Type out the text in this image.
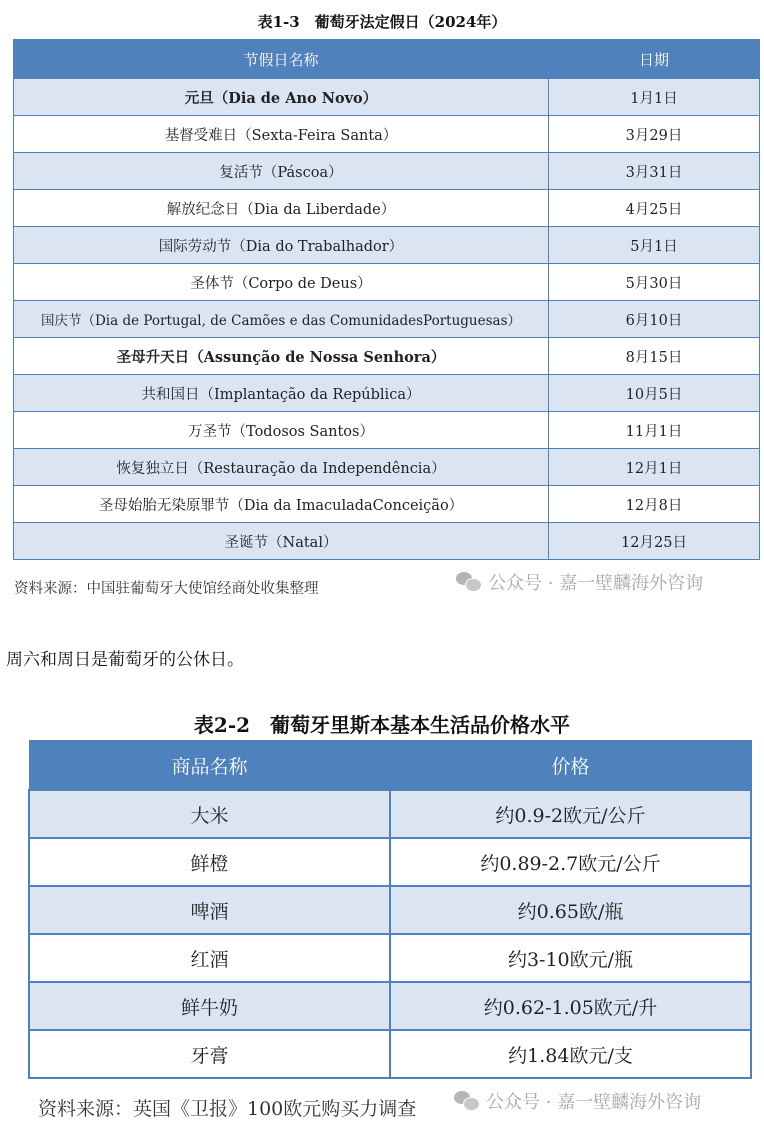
表1-3　葡萄牙法定假日（2024年）
节假日名称	日期
元旦（Dia de Ano Novo）	1月1日
基督受难日（Sexta-Feira Santa）	3月29日
复活节（Páscoa）	3月31日
解放纪念日（Dia da Liberdade）	4月25日
国际劳动节（Dia do Trabalhador）	5月1日
圣体节（Corpo de Deus）	5月30日
国庆节（Dia de Portugal, de Camões e das ComunidadesPortuguesas）	6月10日
圣母升天日（Assunção de Nossa Senhora）	8月15日
共和国日（Implantação da República）	10月5日
万圣节（Todosos Santos）	11月1日
恢复独立日（Restauração da Independência）	12月1日
圣母始胎无染原罪节（Dia da ImaculadaConceição）	12月8日
圣诞节（Natal）	12月25日
资料来源：中国驻葡萄牙大使馆经商处收集整理	公众号 · 嘉一壁麟海外咨询
周六和周日是葡萄牙的公休日。
表2-2　葡萄牙里斯本基本生活品价格水平
商品名称	价格
大米	约0.9-2欧元/公斤
鲜橙	约0.89-2.7欧元/公斤
啤酒	约0.65欧/瓶
红酒	约3-10欧元/瓶
鲜牛奶	约0.62-1.05欧元/升
牙膏	约1.84欧元/支
资料来源：英国《卫报》100欧元购买力调查	公众号 · 嘉一壁麟海外咨询
